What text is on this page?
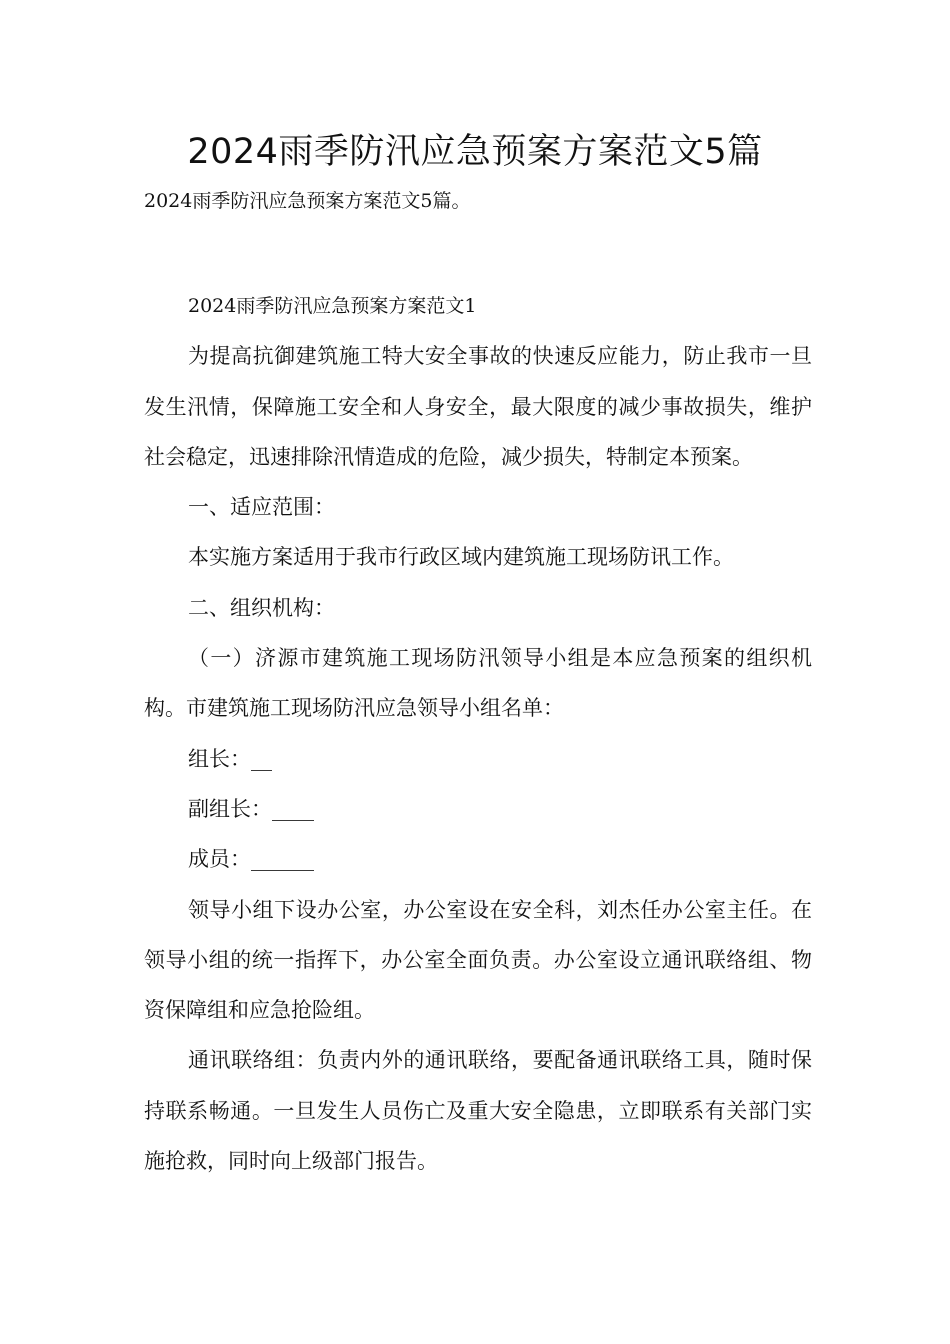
2024雨季防汛应急预案方案范文5篇
2024雨季防汛应急预案方案范文5篇。

2024雨季防汛应急预案方案范文1

为提高抗御建筑施工特大安全事故的快速反应能力，防止我市一旦发生汛情，保障施工安全和人身安全，最大限度的减少事故损失，维护社会稳定，迅速排除汛情造成的危险，减少损失，特制定本预案。

一、适应范围：

本实施方案适用于我市行政区域内建筑施工现场防讯工作。

二、组织机构：

（一）济源市建筑施工现场防汛领导小组是本应急预案的组织机构。市建筑施工现场防汛应急领导小组名单：

组长：__

副组长：____

成员：______

领导小组下设办公室，办公室设在安全科，刘杰任办公室主任。在领导小组的统一指挥下，办公室全面负责。办公室设立通讯联络组、物资保障组和应急抢险组。

通讯联络组：负责内外的通讯联络，要配备通讯联络工具，随时保持联系畅通。一旦发生人员伤亡及重大安全隐患，立即联系有关部门实施抢救，同时向上级部门报告。
